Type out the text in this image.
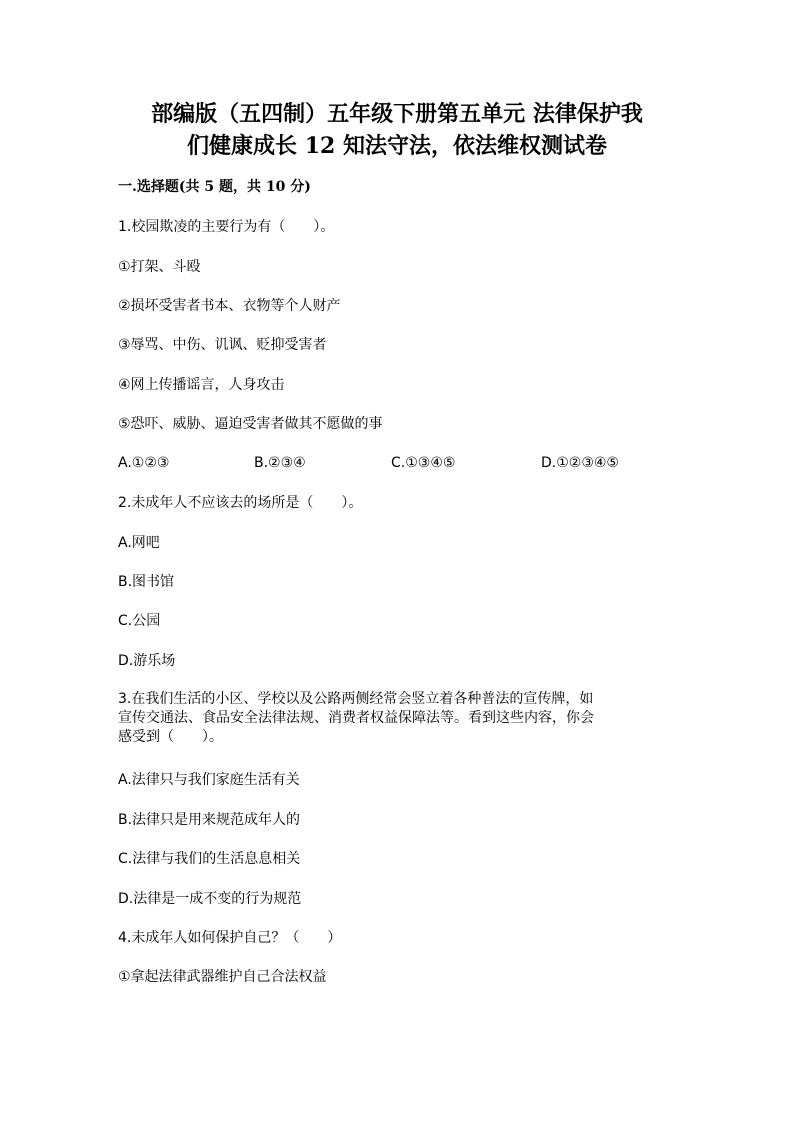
部编版（五四制）五年级下册第五单元 法律保护我
们健康成长 12 知法守法，依法维权测试卷
一.选择题(共 5 题，共 10 分)
1.校园欺凌的主要行为有（　　）。
①打架、斗殴
②损坏受害者书本、衣物等个人财产
③辱骂、中伤、讥讽、贬抑受害者
④网上传播谣言，人身攻击
⑤恐吓、威胁、逼迫受害者做其不愿做的事
A.①②③	B.②③④	C.①③④⑤	D.①②③④⑤
2.未成年人不应该去的场所是（　　）。
A.网吧
B.图书馆
C.公园
D.游乐场
3.在我们生活的小区、学校以及公路两侧经常会竖立着各种普法的宣传牌，如
宣传交通法、食品安全法律法规、消费者权益保障法等。看到这些内容，你会
感受到（　　）。
A.法律只与我们家庭生活有关
B.法律只是用来规范成年人的
C.法律与我们的生活息息相关
D.法律是一成不变的行为规范
4.未成年人如何保护自己？（　　）
①拿起法律武器维护自己合法权益
